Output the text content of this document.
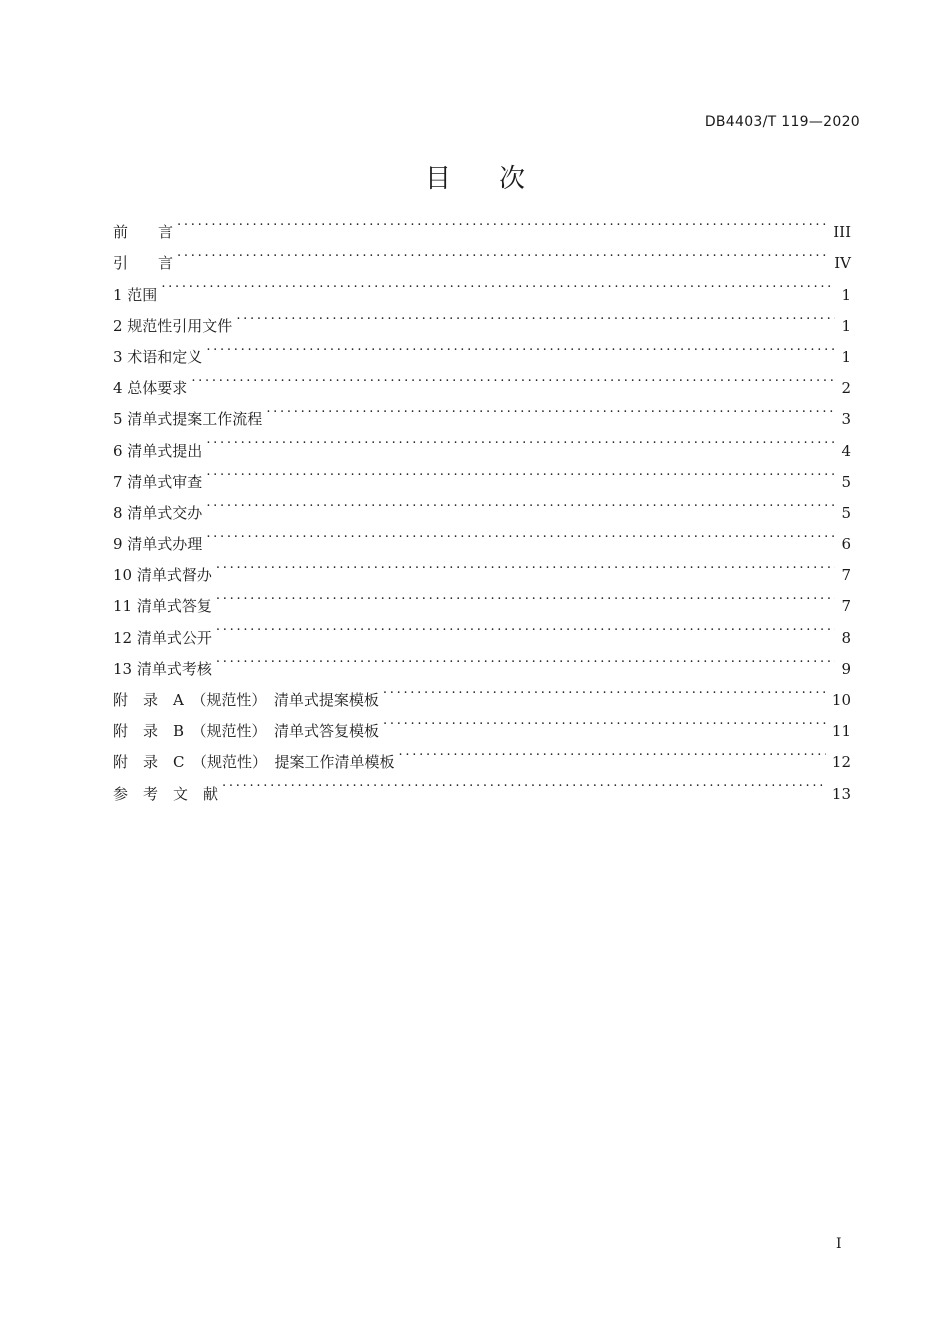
DB4403/T 119—2020
目 次
前　　言 . . .	III
引　　言 . . .	IV
1 范围 . . .	1
2 规范性引用文件 . . .	1
3 术语和定义 . . .	1
4 总体要求 . . .	2
5 清单式提案工作流程 . . .	3
6 清单式提出 . . .	4
7 清单式审查 . . .	5
8 清单式交办 . . .	5
9 清单式办理 . . .	6
10 清单式督办 . . .	7
11 清单式答复 . . .	7
12 清单式公开 . . .	8
13 清单式考核 . . .	9
附　录　A　（规范性）　清单式提案模板 . . .	10
附　录　B　（规范性）　清单式答复模板 . . .	11
附　录　C　（规范性）　提案工作清单模板 . . .	12
参　考　文　献 . . .	13
I
